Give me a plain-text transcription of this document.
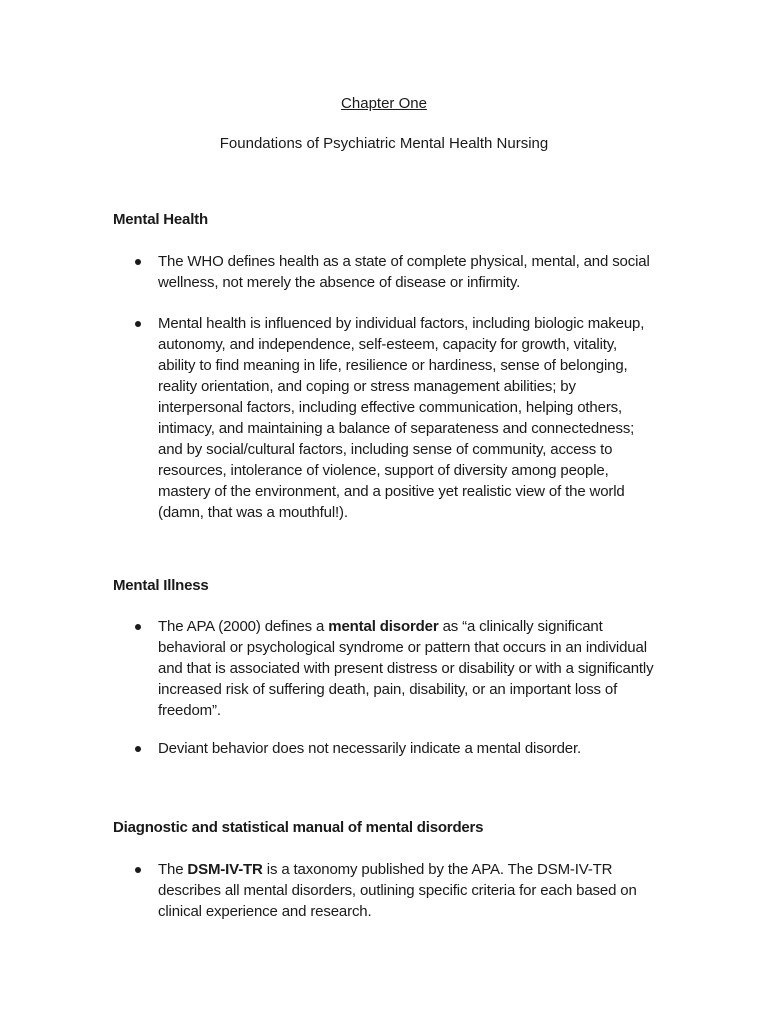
Chapter One
Foundations of Psychiatric Mental Health Nursing
Mental Health
The WHO defines health as a state of complete physical, mental, and social wellness, not merely the absence of disease or infirmity.
Mental health is influenced by individual factors, including biologic makeup, autonomy, and independence, self-esteem, capacity for growth, vitality, ability to find meaning in life, resilience or hardiness, sense of belonging, reality orientation, and coping or stress management abilities; by interpersonal factors, including effective communication, helping others, intimacy, and maintaining a balance of separateness and connectedness; and by social/cultural factors, including sense of community, access to resources, intolerance of violence, support of diversity among people, mastery of the environment, and a positive yet realistic view of the world (damn, that was a mouthful!).
Mental Illness
The APA (2000) defines a mental disorder as “a clinically significant behavioral or psychological syndrome or pattern that occurs in an individual and that is associated with present distress or disability or with a significantly increased risk of suffering death, pain, disability, or an important loss of freedom”.
Deviant behavior does not necessarily indicate a mental disorder.
Diagnostic and statistical manual of mental disorders
The DSM-IV-TR is a taxonomy published by the APA. The DSM-IV-TR describes all mental disorders, outlining specific criteria for each based on clinical experience and research.
